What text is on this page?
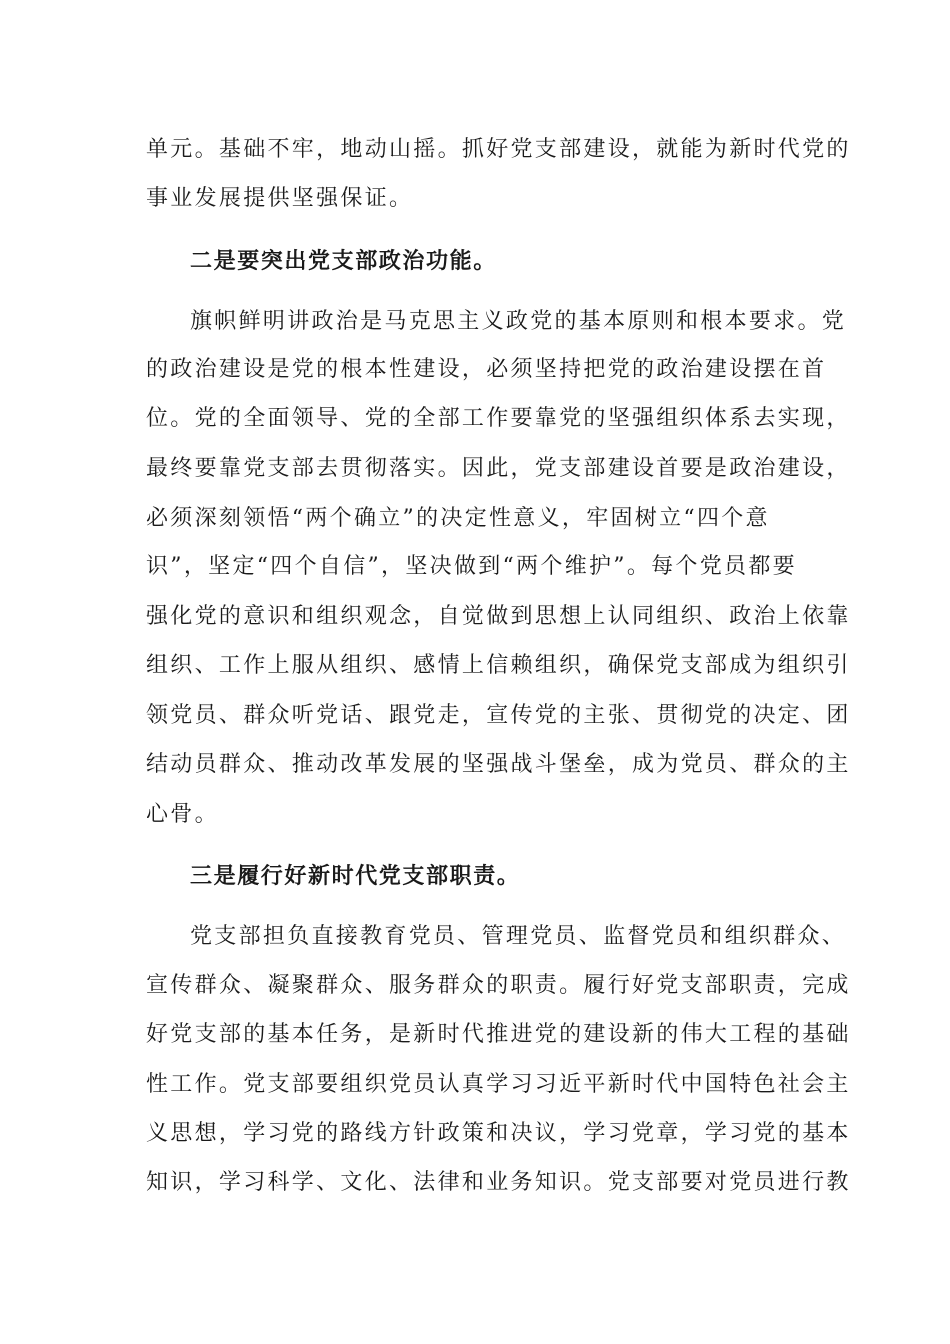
单元。基础不牢，地动山摇。抓好党支部建设，就能为新时代党的
事业发展提供坚强保证。
二是要突出党支部政治功能。
旗帜鲜明讲政治是马克思主义政党的基本原则和根本要求。党
的政治建设是党的根本性建设，必须坚持把党的政治建设摆在首
位。党的全面领导、党的全部工作要靠党的坚强组织体系去实现，
最终要靠党支部去贯彻落实。因此，党支部建设首要是政治建设，
必须深刻领悟“两个确立”的决定性意义，牢固树立“四个意
识”，坚定“四个自信”，坚决做到“两个维护”。每个党员都要
强化党的意识和组织观念，自觉做到思想上认同组织、政治上依靠
组织、工作上服从组织、感情上信赖组织，确保党支部成为组织引
领党员、群众听党话、跟党走，宣传党的主张、贯彻党的决定、团
结动员群众、推动改革发展的坚强战斗堡垒，成为党员、群众的主
心骨。
三是履行好新时代党支部职责。
党支部担负直接教育党员、管理党员、监督党员和组织群众、
宣传群众、凝聚群众、服务群众的职责。履行好党支部职责，完成
好党支部的基本任务，是新时代推进党的建设新的伟大工程的基础
性工作。党支部要组织党员认真学习习近平新时代中国特色社会主
义思想，学习党的路线方针政策和决议，学习党章，学习党的基本
知识，学习科学、文化、法律和业务知识。党支部要对党员进行教
